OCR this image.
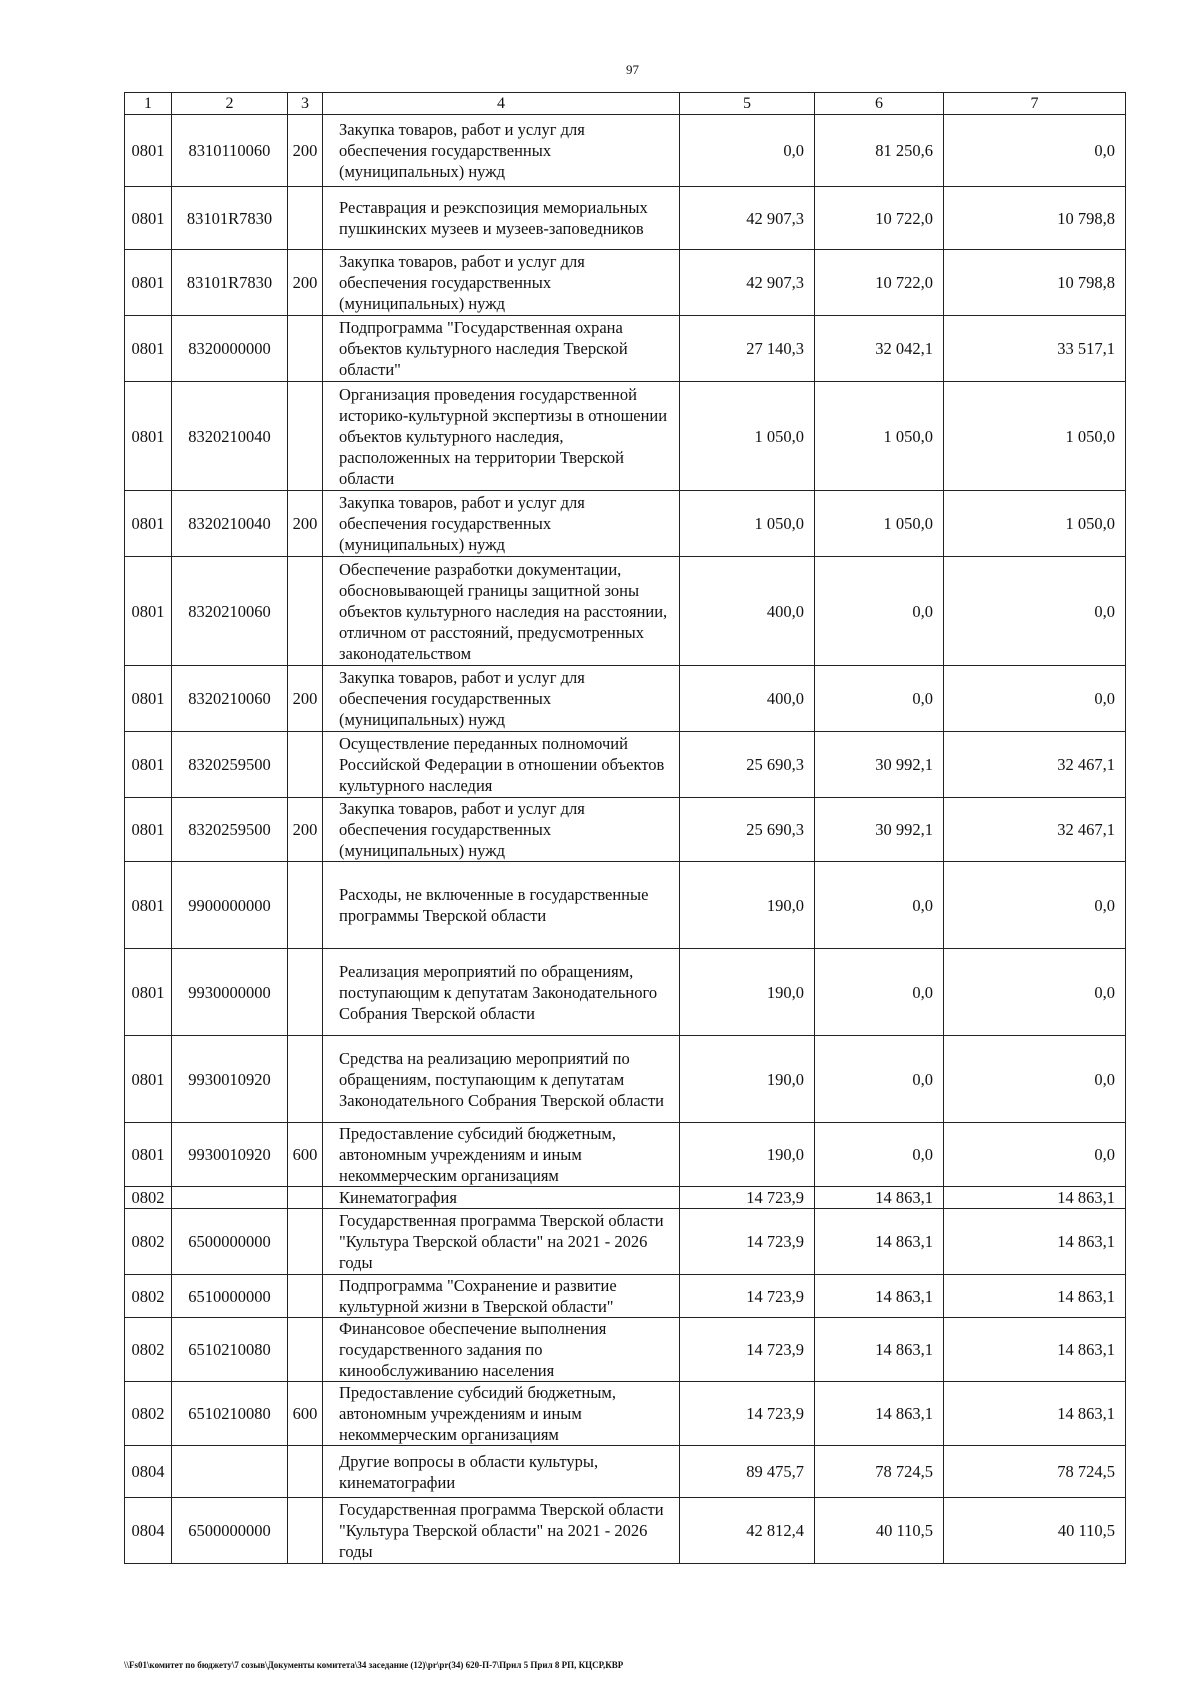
97
1	2	3	4	5	6	7
0801	8310110060	200	Закупка товаров, работ и услуг для обеспечения государственных (муниципальных) нужд	0,0	81 250,6	0,0
0801	83101R7830		Реставрация и реэкспозиция мемориальных пушкинских музеев и музеев-заповедников	42 907,3	10 722,0	10 798,8
0801	83101R7830	200	Закупка товаров, работ и услуг для обеспечения государственных (муниципальных) нужд	42 907,3	10 722,0	10 798,8
0801	8320000000		Подпрограмма "Государственная охрана объектов культурного наследия Тверской области"	27 140,3	32 042,1	33 517,1
0801	8320210040		Организация проведения государственной историко-культурной экспертизы в отношении объектов культурного наследия, расположенных на территории Тверской области	1 050,0	1 050,0	1 050,0
0801	8320210040	200	Закупка товаров, работ и услуг для обеспечения государственных (муниципальных) нужд	1 050,0	1 050,0	1 050,0
0801	8320210060		Обеспечение разработки документации, обосновывающей границы защитной зоны объектов культурного наследия на расстоянии, отличном от расстояний, предусмотренных законодательством	400,0	0,0	0,0
0801	8320210060	200	Закупка товаров, работ и услуг для обеспечения государственных (муниципальных) нужд	400,0	0,0	0,0
0801	8320259500		Осуществление переданных полномочий Российской Федерации в отношении объектов культурного наследия	25 690,3	30 992,1	32 467,1
0801	8320259500	200	Закупка товаров, работ и услуг для обеспечения государственных (муниципальных) нужд	25 690,3	30 992,1	32 467,1
0801	9900000000		Расходы, не включенные в государственные программы Тверской области	190,0	0,0	0,0
0801	9930000000		Реализация мероприятий по обращениям, поступающим к депутатам Законодательного Собрания Тверской области	190,0	0,0	0,0
0801	9930010920		Средства на реализацию мероприятий по обращениям, поступающим к депутатам Законодательного Собрания Тверской области	190,0	0,0	0,0
0801	9930010920	600	Предоставление субсидий бюджетным, автономным учреждениям и иным некоммерческим организациям	190,0	0,0	0,0
0802			Кинематография	14 723,9	14 863,1	14 863,1
0802	6500000000		Государственная программа Тверской области "Культура Тверской области" на 2021 - 2026 годы	14 723,9	14 863,1	14 863,1
0802	6510000000		Подпрограмма "Сохранение и развитие культурной жизни в Тверской области"	14 723,9	14 863,1	14 863,1
0802	6510210080		Финансовое обеспечение выполнения государственного задания по кинообслуживанию населения	14 723,9	14 863,1	14 863,1
0802	6510210080	600	Предоставление субсидий бюджетным, автономным учреждениям и иным некоммерческим организациям	14 723,9	14 863,1	14 863,1
0804			Другие вопросы в области культуры, кинематографии	89 475,7	78 724,5	78 724,5
0804	6500000000		Государственная программа Тверской области "Культура Тверской области" на 2021 - 2026 годы	42 812,4	40 110,5	40 110,5
\\Fs01\комитет по бюджету\7 созыв\Документы комитета\34 заседание (12)\pr\pr(34) 620-П-7\Прил 5 Прил 8 РП, КЦСР,КВР
